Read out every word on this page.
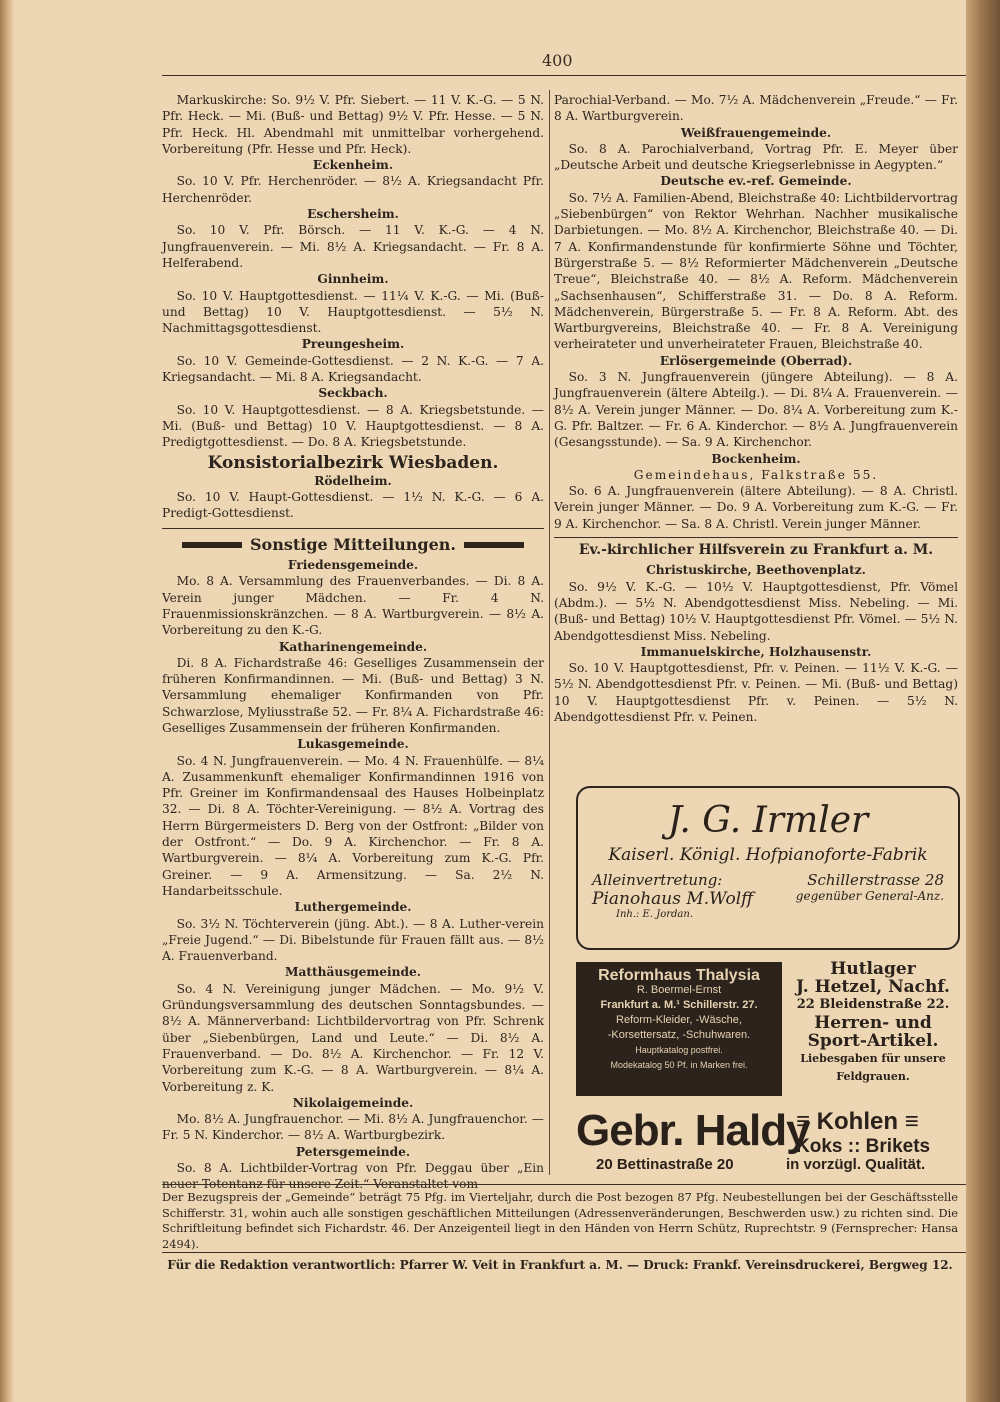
400
Markuskirche: So. 9½ V. Pfr. Siebert. — 11 V. K.-G. — 5 N. Pfr. Heck. — Mi. (Buß- und Bettag) 9½ V. Pfr. Hesse. — 5 N. Pfr. Heck. Hl. Abendmahl mit unmittelbar vorhergehend. Vorbereitung (Pfr. Hesse und Pfr. Heck).
Eckenheim.
So. 10 V. Pfr. Herchenröder. — 8½ A. Kriegsandacht Pfr. Herchenröder.
Eschersheim.
So. 10 V. Pfr. Börsch. — 11 V. K.-G. — 4 N. Jungfrauenverein. — Mi. 8½ A. Kriegsandacht. — Fr. 8 A. Helferabend.
Ginnheim.
So. 10 V. Hauptgottesdienst. — 11¼ V. K.-G. — Mi. (Buß- und Bettag) 10 V. Hauptgottesdienst. — 5½ N. Nachmittagsgottesdienst.
Preungesheim.
So. 10 V. Gemeinde-Gottesdienst. — 2 N. K.-G. — 7 A. Kriegsandacht. — Mi. 8 A. Kriegsandacht.
Seckbach.
So. 10 V. Hauptgottesdienst. — 8 A. Kriegsbetstunde. — Mi. (Buß- und Bettag) 10 V. Hauptgottesdienst. — 8 A. Predigtgottesdienst. — Do. 8 A. Kriegsbetstunde.
Konsistorialbezirk Wiesbaden.
Rödelheim.
So. 10 V. Haupt-Gottesdienst. — 1½ N. K.-G. — 6 A. Predigt-Gottesdienst.
Sonstige Mitteilungen.
Friedensgemeinde.
Mo. 8 A. Versammlung des Frauenverbandes. — Di. 8 A. Verein junger Mädchen. — Fr. 4 N. Frauenmissionskränzchen. — 8 A. Wartburgverein. — 8½ A. Vorbereitung zu den K.-G.
Katharinengemeinde.
Di. 8 A. Fichardstraße 46: Geselliges Zusammensein der früheren Konfirmandinnen. — Mi. (Buß- und Bettag) 3 N. Versammlung ehemaliger Konfirmanden von Pfr. Schwarzlose, Myliusstraße 52. — Fr. 8¼ A. Fichardstraße 46: Geselliges Zusammensein der früheren Konfirmanden.
Lukasgemeinde.
So. 4 N. Jungfrauenverein. — Mo. 4 N. Frauenhülfe. — 8¼ A. Zusammenkunft ehemaliger Konfirmandinnen 1916 von Pfr. Greiner im Konfirmandensaal des Hauses Holbeinplatz 32. — Di. 8 A. Töchter-Vereinigung. — 8½ A. Vortrag des Herrn Bürgermeisters D. Berg von der Ostfront: „Bilder von der Ostfront.“ — Do. 9 A. Kirchenchor. — Fr. 8 A. Wartburgverein. — 8¼ A. Vorbereitung zum K.-G. Pfr. Greiner. — 9 A. Armensitzung. — Sa. 2½ N. Handarbeitsschule.
Luthergemeinde.
So. 3½ N. Töchterverein (jüng. Abt.). — 8 A. Luther-verein „Freie Jugend.“ — Di. Bibelstunde für Frauen fällt aus. — 8½ A. Frauenverband.
Matthäusgemeinde.
So. 4 N. Vereinigung junger Mädchen. — Mo. 9½ V. Gründungsversammlung des deutschen Sonntagsbundes. — 8½ A. Männerverband: Lichtbildervortrag von Pfr. Schrenk über „Siebenbürgen, Land und Leute.“ — Di. 8½ A. Frauenverband. — Do. 8½ A. Kirchenchor. — Fr. 12 V. Vorbereitung zum K.-G. — 8 A. Wartburgverein. — 8¼ A. Vorbereitung z. K.
Nikolaigemeinde.
Mo. 8½ A. Jungfrauenchor. — Mi. 8½ A. Jungfrauenchor. — Fr. 5 N. Kinderchor. — 8½ A. Wartburgbezirk.
Petersgemeinde.
So. 8 A. Lichtbilder-Vortrag von Pfr. Deggau über „Ein neuer Totentanz für unsere Zeit.“ Veranstaltet vom
Parochial-Verband. — Mo. 7½ A. Mädchenverein „Freude.“ — Fr. 8 A. Wartburgverein.
Weißfrauengemeinde.
So. 8 A. Parochialverband, Vortrag Pfr. E. Meyer über „Deutsche Arbeit und deutsche Kriegserlebnisse in Aegypten.“
Deutsche ev.-ref. Gemeinde.
So. 7½ A. Familien-Abend, Bleichstraße 40: Lichtbildervortrag „Siebenbürgen“ von Rektor Wehrhan. Nachher musikalische Darbietungen. — Mo. 8½ A. Kirchenchor, Bleichstraße 40. — Di. 7 A. Konfirmandenstunde für konfirmierte Söhne und Töchter, Bürgerstraße 5. — 8½ Reformierter Mädchenverein „Deutsche Treue“, Bleichstraße 40. — 8½ A. Reform. Mädchenverein „Sachsenhausen“, Schifferstraße 31. — Do. 8 A. Reform. Mädchenverein, Bürgerstraße 5. — Fr. 8 A. Reform. Abt. des Wartburgvereins, Bleichstraße 40. — Fr. 8 A. Vereinigung verheirateter und unverheirateter Frauen, Bleichstraße 40.
Erlösergemeinde (Oberrad).
So. 3 N. Jungfrauenverein (jüngere Abteilung). — 8 A. Jungfrauenverein (ältere Abteilg.). — Di. 8¼ A. Frauenverein. — 8½ A. Verein junger Männer. — Do. 8¼ A. Vorbereitung zum K.-G. Pfr. Baltzer. — Fr. 6 A. Kinderchor. — 8½ A. Jungfrauenverein (Gesangsstunde). — Sa. 9 A. Kirchenchor.
Bockenheim.
Gemeindehaus, Falkstraße 55.
So. 6 A. Jungfrauenverein (ältere Abteilung). — 8 A. Christl. Verein junger Männer. — Do. 9 A. Vorbereitung zum K.-G. — Fr. 9 A. Kirchenchor. — Sa. 8 A. Christl. Verein junger Männer.
Ev.-kirchlicher Hilfsverein zu Frankfurt a. M.
Christuskirche, Beethovenplatz.
So. 9½ V. K.-G. — 10½ V. Hauptgottesdienst, Pfr. Vömel (Abdm.). — 5½ N. Abendgottesdienst Miss. Nebeling. — Mi. (Buß- und Bettag) 10½ V. Hauptgottesdienst Pfr. Vömel. — 5½ N. Abendgottesdienst Miss. Nebeling.
Immanuelskirche, Holzhausenstr.
So. 10 V. Hauptgottesdienst, Pfr. v. Peinen. — 11½ V. K.-G. — 5½ N. Abendgottesdienst Pfr. v. Peinen. — Mi. (Buß- und Bettag) 10 V. Hauptgottesdienst Pfr. v. Peinen. — 5½ N. Abendgottesdienst Pfr. v. Peinen.
J. G. Irmler
Kaiserl. Königl. Hofpianoforte-Fabrik
Alleinvertretung:	Schillerstrasse 28
Pianohaus M.Wolff	gegenüber General-Anz.
Inh.: E. Jordan.
Reformhaus Thalysia
R. Boermel-Ernst
Frankfurt a. M.¹ Schillerstr. 27.
Reform-Kleider, -Wäsche,
-Korsettersatz, -Schuhwaren.
Hauptkatalog postfrei.
Modekatalog 50 Pf. in Marken frei.
Hutlager
J. Hetzel, Nachf.
22 Bleidenstraße 22.
Herren- und
Sport-Artikel.
Liebesgaben für unsere
Feldgrauen.
Gebr. Haldy
≡ Kohlen ≡
Koks :: Brikets
20 Bettinastraße 20	in vorzügl. Qualität.
Der Bezugspreis der „Gemeinde“ beträgt 75 Pfg. im Vierteljahr, durch die Post bezogen 87 Pfg. Neubestellungen bei der Geschäftsstelle Schifferstr. 31, wohin auch alle sonstigen geschäftlichen Mitteilungen (Adressenveränderungen, Beschwerden usw.) zu richten sind. Die Schriftleitung befindet sich Fichardstr. 46. Der Anzeigenteil liegt in den Händen von Herrn Schütz, Ruprechtstr. 9 (Fernsprecher: Hansa 2494).
Für die Redaktion verantwortlich: Pfarrer W. Veit in Frankfurt a. M. — Druck: Frankf. Vereinsdruckerei, Bergweg 12.
